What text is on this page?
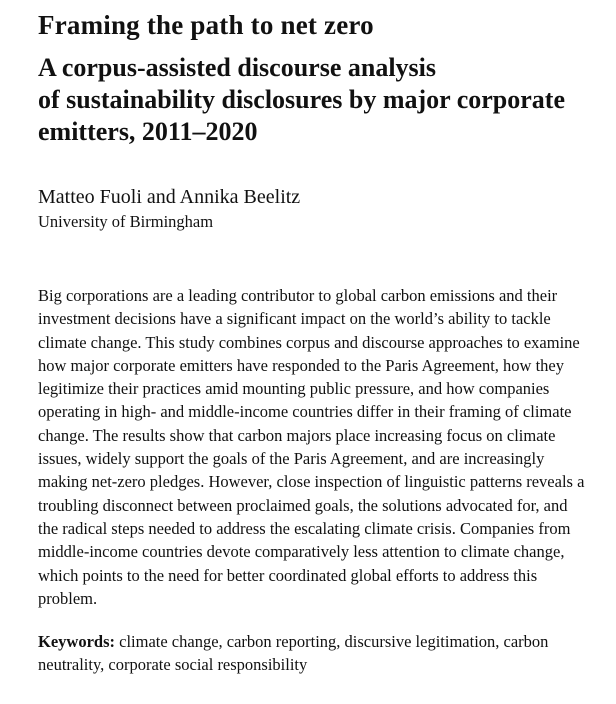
Framing the path to net zero
A corpus-assisted discourse analysis
of sustainability disclosures by major corporate
emitters, 2011–2020
Matteo Fuoli and Annika Beelitz
University of Birmingham

Big corporations are a leading contributor to global carbon emissions and their investment decisions have a significant impact on the world’s ability to tackle climate change. This study combines corpus and discourse approaches to examine how major corporate emitters have responded to the Paris Agreement, how they legitimize their practices amid mounting public pressure, and how companies operating in high- and middle-income countries differ in their framing of climate change. The results show that carbon majors place increasing focus on climate issues, widely support the goals of the Paris Agreement, and are increasingly making net-zero pledges. However, close inspection of linguistic patterns reveals a troubling disconnect between proclaimed goals, the solutions advocated for, and the radical steps needed to address the escalating climate crisis. Companies from middle-income countries devote comparatively less attention to climate change, which points to the need for better coordinated global efforts to address this problem.

Keywords: climate change, carbon reporting, discursive legitimation, carbon neutrality, corporate social responsibility
